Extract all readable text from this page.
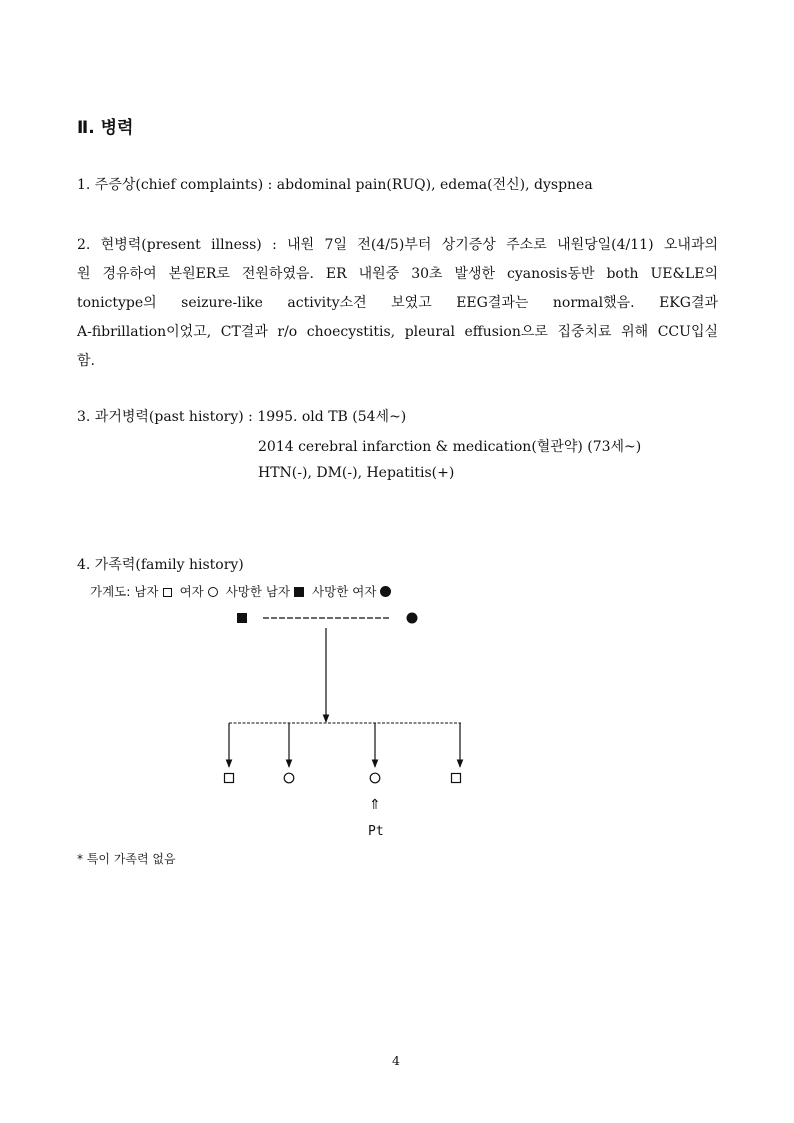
Ⅱ. 병력
1. 주증상(chief complaints) : abdominal pain(RUQ), edema(전신), dyspnea
2. 현병력(present illness) : 내원 7일 전(4/5)부터 상기증상 주소로 내원당일(4/11) 오내과의
원 경유하여 본원ER로 전원하였음. ER 내원중 30초 발생한 cyanosis동반 both UE&LE의
tonictype의 seizure-like activity소견 보였고 EEG결과는 normal했음. EKG결과
A-fibrillation이었고, CT결과 r/o choecystitis, pleural effusion으로 집중치료 위해 CCU입실
함.
3. 과거병력(past history) : 1995. old TB (54세~)
2014 cerebral infarction & medication(혈관약) (73세~)
HTN(-), DM(-), Hepatitis(+)
4. 가족력(family history)
가계도: 남자 여자 사망한 남자 사망한 여자
⇑
Pt
* 특이 가족력 없음
4
